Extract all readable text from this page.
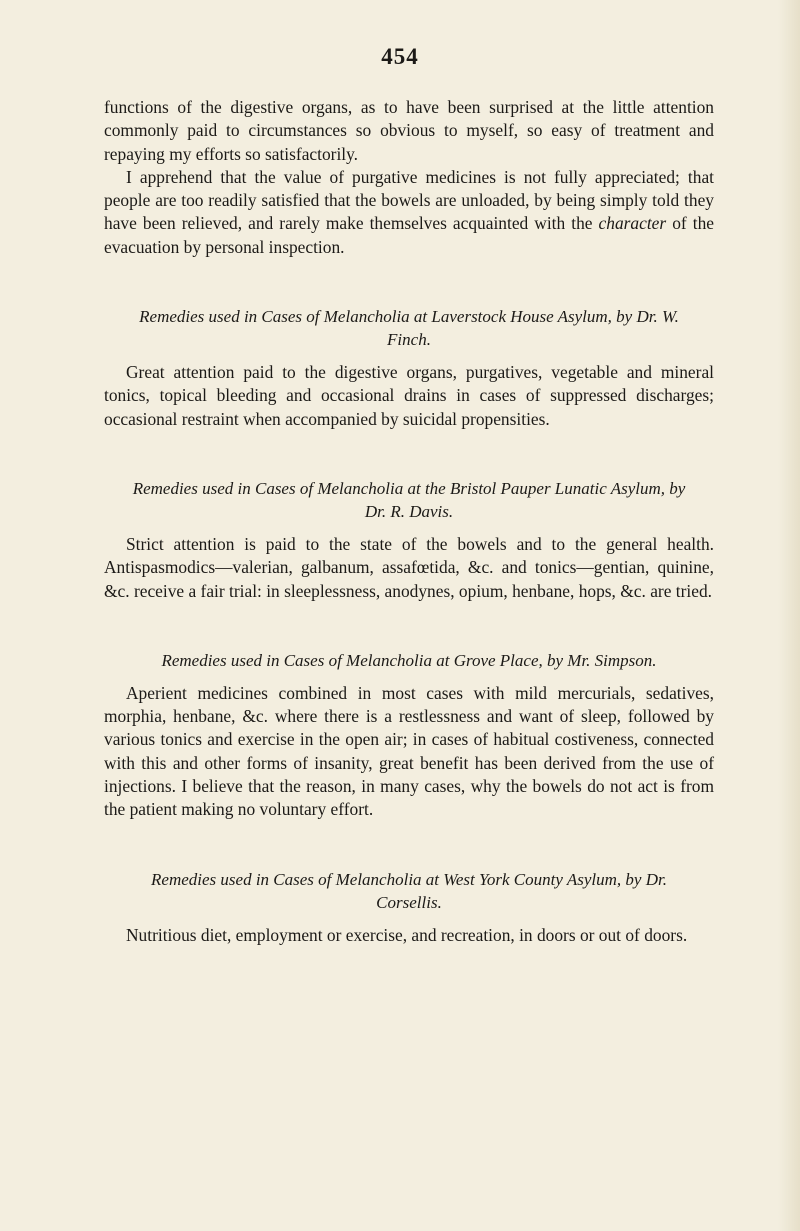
454

functions of the digestive organs, as to have been surprised at the little attention commonly paid to circumstances so obvious to myself, so easy of treatment and repaying my efforts so satisfactorily.

I apprehend that the value of purgative medicines is not fully appreciated; that people are too readily satisfied that the bowels are unloaded, by being simply told they have been relieved, and rarely make themselves acquainted with the character of the evacuation by personal inspection.

Remedies used in Cases of Melancholia at Laverstock House Asylum, by Dr. W. Finch.

Great attention paid to the digestive organs, purgatives, vegetable and mineral tonics, topical bleeding and occasional drains in cases of suppressed discharges; occasional restraint when accompanied by suicidal propensities.

Remedies used in Cases of Melancholia at the Bristol Pauper Lunatic Asylum, by Dr. R. Davis.

Strict attention is paid to the state of the bowels and to the general health. Antispasmodics—valerian, galbanum, assafœtida, &c. and tonics—gentian, quinine, &c. receive a fair trial: in sleeplessness, anodynes, opium, henbane, hops, &c. are tried.

Remedies used in Cases of Melancholia at Grove Place, by Mr. Simpson.

Aperient medicines combined in most cases with mild mercurials, sedatives, morphia, henbane, &c. where there is a restlessness and want of sleep, followed by various tonics and exercise in the open air; in cases of habitual costiveness, connected with this and other forms of insanity, great benefit has been derived from the use of injections. I believe that the reason, in many cases, why the bowels do not act is from the patient making no voluntary effort.

Remedies used in Cases of Melancholia at West York County Asylum, by Dr. Corsellis.

Nutritious diet, employment or exercise, and recreation, in doors or out of doors.
